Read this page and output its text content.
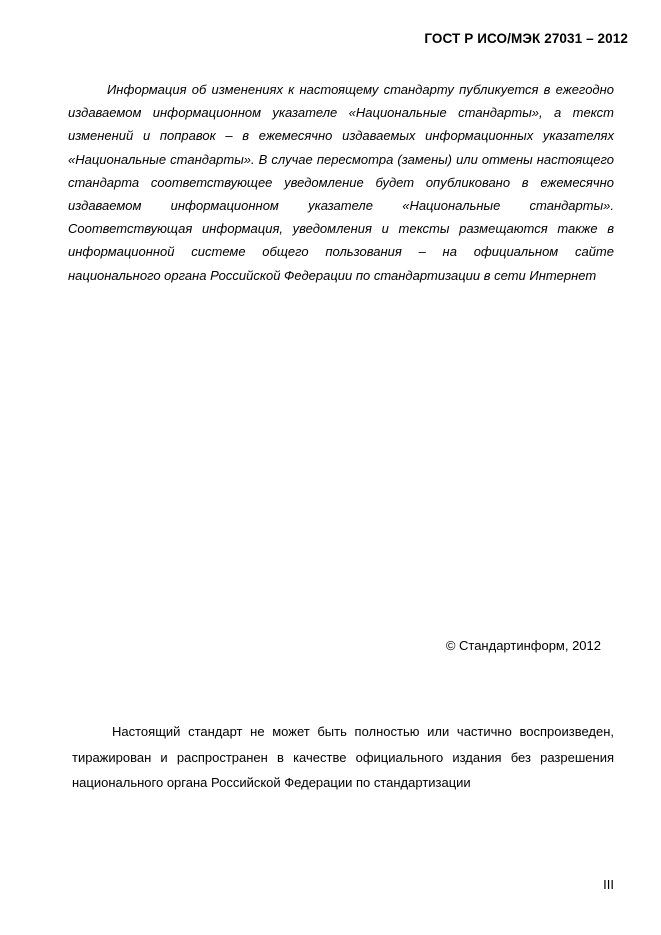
ГОСТ Р ИСО/МЭК 27031 – 2012

Информация об изменениях к настоящему стандарту публикуется в ежегодно издаваемом информационном указателе «Национальные стандарты», а текст изменений и поправок – в ежемесячно издаваемых информационных указателях «Национальные стандарты». В случае пересмотра (замены) или отмены настоящего стандарта соответствующее уведомление будет опубликовано в ежемесячно издаваемом информационном указателе «Национальные стандарты». Соответствующая информация, уведомления и тексты размещаются также в информационной системе общего пользования – на официальном сайте национального органа Российской Федерации по стандартизации в сети Интернет

© Стандартинформ, 2012

Настоящий стандарт не может быть полностью или частично воспроизведен, тиражирован и распространен в качестве официального издания без разрешения национального органа Российской Федерации по стандартизации

III
